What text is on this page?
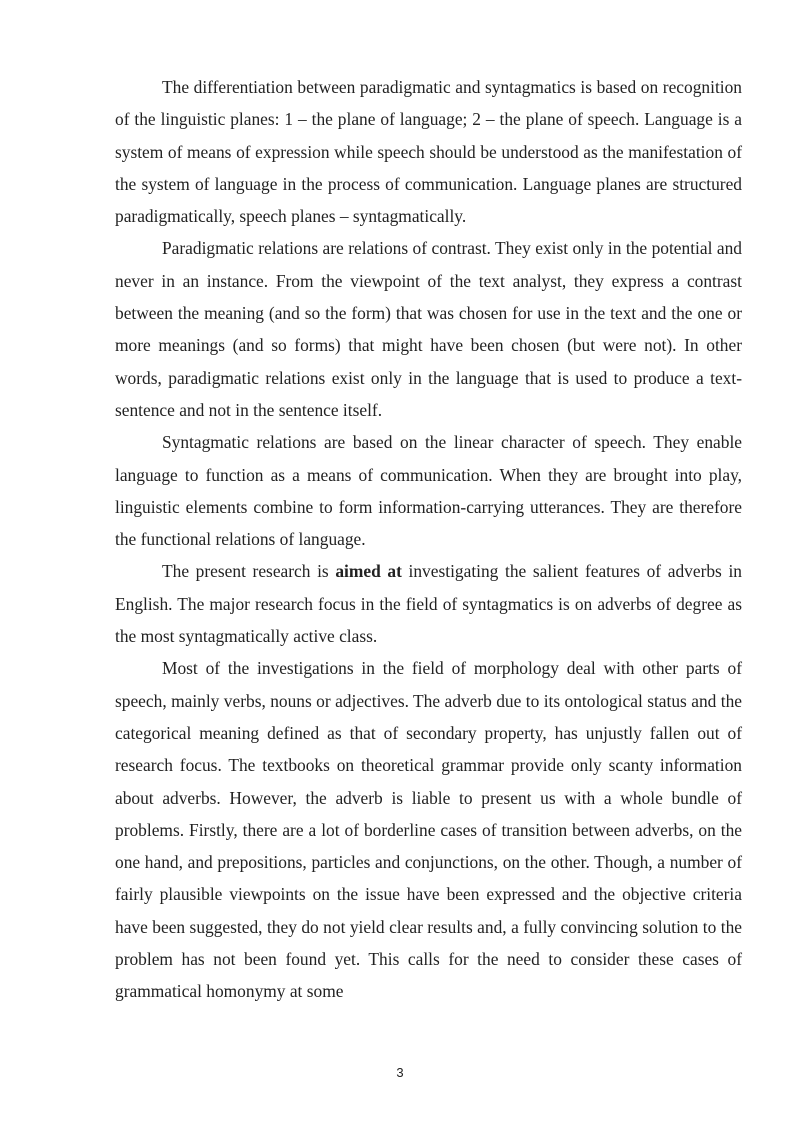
The differentiation between paradigmatic and syntagmatics is based on recognition of the linguistic planes: 1 – the plane of language; 2 – the plane of speech. Language is a system of means of expression while speech should be understood as the manifestation of the system of language in the process of communication. Language planes are structured paradigmatically, speech planes – syntagmatically.

Paradigmatic relations are relations of contrast. They exist only in the potential and never in an instance. From the viewpoint of the text analyst, they express a contrast between the meaning (and so the form) that was chosen for use in the text and the one or more meanings (and so forms) that might have been chosen (but were not). In other words, paradigmatic relations exist only in the language that is used to produce a text-sentence and not in the sentence itself.

Syntagmatic relations are based on the linear character of speech. They enable language to function as a means of communication. When they are brought into play, linguistic elements combine to form information-carrying utterances. They are therefore the functional relations of language.

The present research is aimed at investigating the salient features of adverbs in English. The major research focus in the field of syntagmatics is on adverbs of degree as the most syntagmatically active class.

Most of the investigations in the field of morphology deal with other parts of speech, mainly verbs, nouns or adjectives. The adverb due to its ontological status and the categorical meaning defined as that of secondary property, has unjustly fallen out of research focus. The textbooks on theoretical grammar provide only scanty information about adverbs. However, the adverb is liable to present us with a whole bundle of problems. Firstly, there are a lot of borderline cases of transition between adverbs, on the one hand, and prepositions, particles and conjunctions, on the other. Though, a number of fairly plausible viewpoints on the issue have been expressed and the objective criteria have been suggested, they do not yield clear results and, a fully convincing solution to the problem has not been found yet. This calls for the need to consider these cases of grammatical homonymy at some

3
